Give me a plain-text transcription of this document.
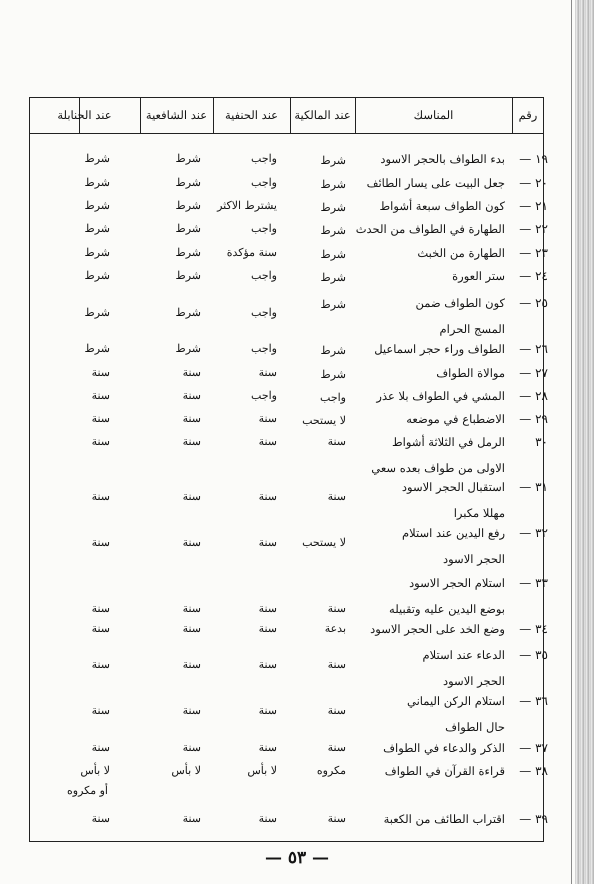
رقم
المناسك
عند المالكية
عند الحنفية
عند الشافعية
عند الحنابلة
١٩ —
بدء الطواف بالحجر الاسود
شرط
واجب
شرط
شرط
٢٠ —
جعل البيت على يسار الطائف
شرط
واجب
شرط
شرط
٢١ —
كون الطواف سبعة أشواط
شرط
يشترط الاكثر
شرط
شرط
٢٢ —
الطهارة في الطواف من الحدث
شرط
واجب
شرط
شرط
٢٣ —
الطهارة من الخبث
شرط
سنة مؤكدة
شرط
شرط
٢٤ —
ستر العورة
شرط
واجب
شرط
شرط
٢٥ —
كون الطواف ضمن
المسج الحرام
شرط
واجب
شرط
شرط
٢٦ —
الطواف وراء حجر اسماعيل
شرط
واجب
شرط
شرط
٢٧ —
موالاة الطواف
شرط
سنة
سنة
سنة
٢٨ —
المشي في الطواف بلا عذر
واجب
واجب
سنة
سنة
٢٩ —
الاضطباع في موضعه
لا يستحب
سنة
سنة
سنة
٣٠
الرمل في الثلاثة أشواط
الاولى من طواف بعده سعي
سنة
سنة
سنة
سنة
٣١ —
استقبال الحجر الاسود
مهللا مكبرا
سنة
سنة
سنة
سنة
٣٢ —
رفع اليدين عند استلام
الحجر الاسود
لا يستحب
سنة
سنة
سنة
٣٣ —
استلام الحجر الاسود
بوضع اليدين عليه وتقبيله
سنة
سنة
سنة
سنة
٣٤ —
وضع الخد على الحجر الاسود
بدعة
سنة
سنة
سنة
٣٥ —
الدعاء عند استلام
الحجر الاسود
سنة
سنة
سنة
سنة
٣٦ —
استلام الركن اليماني
حال الطواف
سنة
سنة
سنة
سنة
٣٧ —
الذكر والدعاء في الطواف
سنة
سنة
سنة
سنة
٣٨ —
قراءة القرآن في الطواف
مكروه
لا بأس
لا بأس
لا بأس
أو مكروه
٣٩ —
اقتراب الطائف من الكعبة
سنة
سنة
سنة
سنة
— ٥٣ —
